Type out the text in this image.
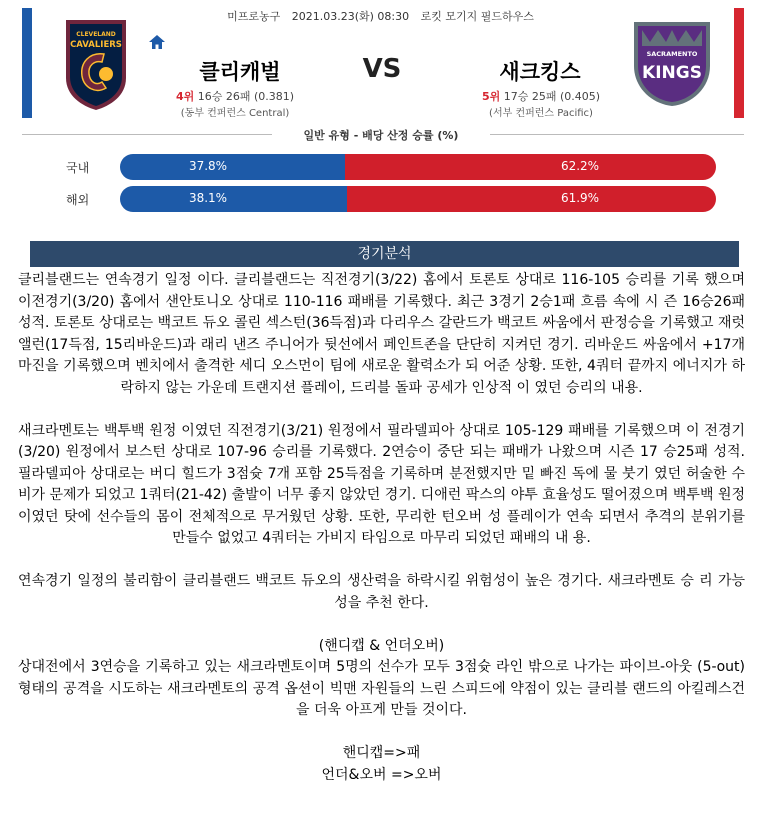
미프로농구 2021.03.23(화) 08:30 로킷 모기지 필드하우스
CLEVELAND
CAVALIERS
클리캐벌	VS	새크킹스
4위 16승 26패 (0.381)
(동부 컨퍼런스 Central)
5위 17승 25패 (0.405)
(서부 컨퍼런스 Pacific)
SACRAMENTO
KINGS
일반 유형 - 배당 산정 승률 (%)
국내	37.8%	62.2%
해외	38.1%	61.9%
경기분석

클리블랜드는 연속경기 일정 이다. 클리블랜드는 직전경기(3/22) 홈에서 토론토 상대로 116-105 승리를 기록 했으며 이전경기(3/20) 홈에서 샌안토니오 상대로 110-116 패배를 기록했다. 최근 3경기 2승1패 흐름 속에 시 즌 16승26패 성적. 토론토 상대로는 백코트 듀오 콜린 섹스턴(36득점)과 다리우스 갈란드가 백코트 싸움에서 판정승을 기록했고 재럿 앨런(17득점, 15리바운드)과 래리 낸즈 주니어가 뒷선에서 페인트존을 단단히 지켜던 경기. 리바운드 싸움에서 +17개 마진을 기록했으며 벤치에서 출격한 세디 오스먼이 팀에 새로운 활력소가 되 어준 상황. 또한, 4쿼터 끝까지 에너지가 하락하지 않는 가운데 트랜지션 플레이, 드리블 돌파 공세가 인상적 이 였던 승리의 내용.

새크라멘토는 백투백 원정 이였던 직전경기(3/21) 원정에서 필라델피아 상대로 105-129 패배를 기록했으며 이 전경기(3/20) 원정에서 보스턴 상대로 107-96 승리를 기록했다. 2연승이 중단 되는 패배가 나왔으며 시즌 17 승25패 성적. 필라델피아 상대로는 버디 힐드가 3점슛 7개 포함 25득점을 기록하며 분전했지만 밑 빠진 독에 물 붓기 였던 허술한 수비가 문제가 되었고 1쿼터(21-42) 출발이 너무 좋지 않았던 경기. 디애런 팍스의 야투 효율성도 떨어졌으며 백투백 원정 이였던 탓에 선수들의 몸이 전체적으로 무거웠던 상황. 또한, 무리한 턴오버 성 플레이가 연속 되면서 추격의 분위기를 만들수 없었고 4쿼터는 가비지 타임으로 마무리 되었던 패배의 내 용.

연속경기 일정의 불리함이 클리블랜드 백코트 듀오의 생산력을 하락시킬 위험성이 높은 경기다. 새크라멘토 승 리 가능성을 추천 한다.

(핸디캡 & 언더오버)

상대전에서 3연승을 기록하고 있는 새크라멘토이며 5명의 선수가 모두 3점슛 라인 밖으로 나가는 파이브-아웃 (5-out) 형태의 공격을 시도하는 새크라멘토의 공격 옵션이 빅맨 자원들의 느린 스피드에 약점이 있는 클리블 랜드의 아킬레스건을 더욱 아프게 만들 것이다.

핸디캡=>패

언더&오버 =>오버
